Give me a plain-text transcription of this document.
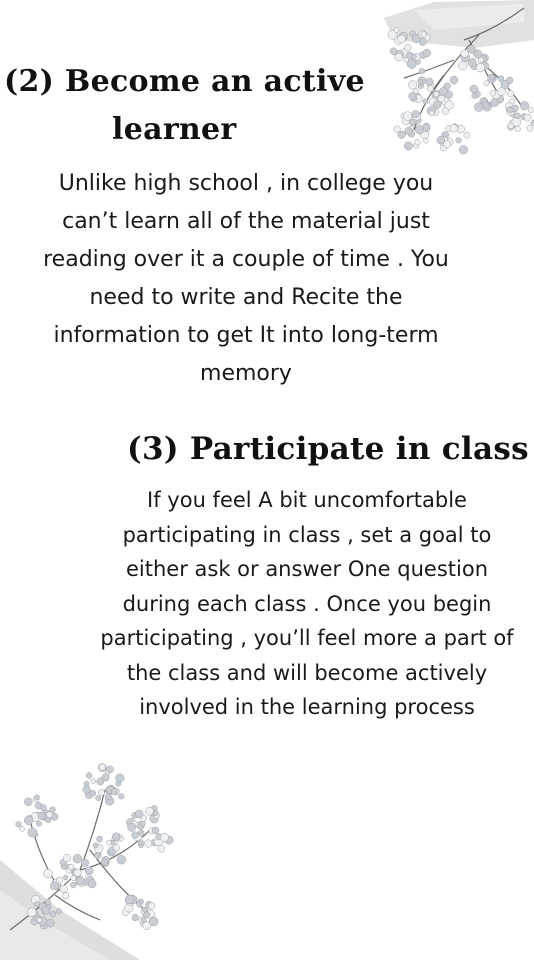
(2) Become an active
learner

Unlike high school , in college you
can’t learn all of the material just
reading over it a couple of time . You
need to write and Recite the
information to get It into long-term
memory

(3) Participate in class

If you feel A bit uncomfortable
participating in class , set a goal to
either ask or answer One question
during each class . Once you begin
participating , you’ll feel more a part of
the class and will become actively
involved in the learning process
